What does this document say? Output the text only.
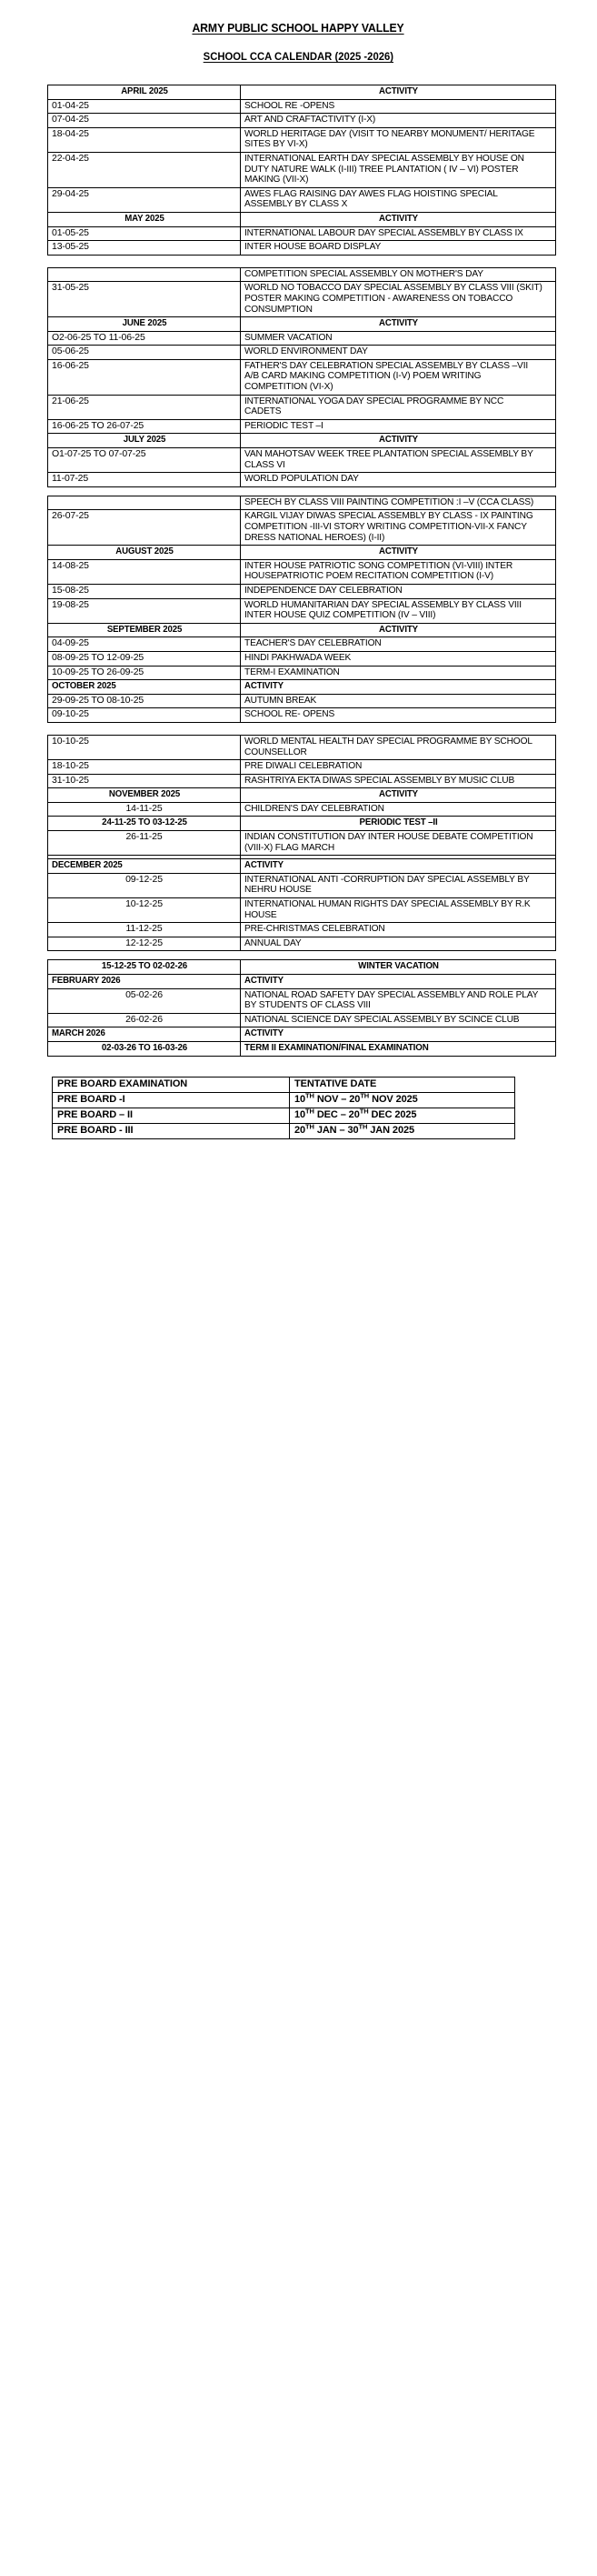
ARMY PUBLIC SCHOOL HAPPY VALLEY
SCHOOL CCA CALENDAR (2025 -2026)
APRIL 2025	ACTIVITY
01-04-25	SCHOOL RE -OPENS

07-04-25	ART AND CRAFTACTIVITY (I-X)

18-04-25	WORLD HERITAGE DAY (VISIT TO NEARBY MONUMENT/ HERITAGE SITES BY VI-X)

22-04-25	INTERNATIONAL EARTH DAY SPECIAL ASSEMBLY BY HOUSE ON DUTY NATURE WALK (I-III) TREE PLANTATION ( IV – VI) POSTER MAKING (VII-X)

29-04-25	AWES FLAG RAISING DAY AWES FLAG HOISTING SPECIAL ASSEMBLY BY CLASS X

MAY 2025	ACTIVITY
01-05-25	INTERNATIONAL LABOUR DAY SPECIAL ASSEMBLY BY CLASS IX

13-05-25	INTER HOUSE BOARD DISPLAY

	COMPETITION SPECIAL ASSEMBLY ON MOTHER'S DAY

31-05-25	WORLD NO TOBACCO DAY SPECIAL ASSEMBLY BY CLASS VIII (SKIT) POSTER MAKING COMPETITION - AWARENESS ON TOBACCO CONSUMPTION

JUNE 2025	ACTIVITY
O2-06-25 TO 11-06-25	SUMMER VACATION

05-06-25	WORLD ENVIRONMENT DAY

16-06-25	FATHER'S DAY CELEBRATION SPECIAL ASSEMBLY BY CLASS –VII A/B CARD MAKING COMPETITION (I-V) POEM WRITING COMPETITION (VI-X)

21-06-25	INTERNATIONAL YOGA DAY SPECIAL PROGRAMME BY NCC CADETS

16-06-25 TO 26-07-25	PERIODIC TEST –I

JULY 2025	ACTIVITY
O1-07-25 TO 07-07-25	VAN MAHOTSAV WEEK TREE PLANTATION SPECIAL ASSEMBLY BY CLASS VI

11-07-25	WORLD POPULATION DAY

	SPEECH BY CLASS VIII PAINTING COMPETITION :I –V (CCA CLASS)

26-07-25	KARGIL VIJAY DIWAS SPECIAL ASSEMBLY BY CLASS - IX PAINTING COMPETITION -III-VI STORY WRITING COMPETITION-VII-X FANCY DRESS NATIONAL HEROES) (I-II)

AUGUST 2025	ACTIVITY
14-08-25	INTER HOUSE PATRIOTIC SONG COMPETITION (VI-VIII) INTER HOUSEPATRIOTIC POEM RECITATION COMPETITION (I-V)

15-08-25	INDEPENDENCE DAY CELEBRATION

19-08-25	WORLD HUMANITARIAN DAY SPECIAL ASSEMBLY BY CLASS VIII INTER HOUSE QUIZ COMPETITION (IV – VIII)

SEPTEMBER 2025	ACTIVITY
04-09-25	TEACHER'S DAY CELEBRATION

08-09-25 TO 12-09-25	HINDI PAKHWADA WEEK

10-09-25 TO 26-09-25	TERM-I EXAMINATION

OCTOBER 2025	ACTIVITY

29-09-25 TO 08-10-25	AUTUMN BREAK

09-10-25	SCHOOL RE- OPENS
10-10-25	WORLD MENTAL HEALTH DAY SPECIAL PROGRAMME BY SCHOOL COUNSELLOR

18-10-25	PRE DIWALI CELEBRATION

31-10-25	RASHTRIYA EKTA DIWAS SPECIAL ASSEMBLY BY MUSIC CLUB

NOVEMBER 2025	ACTIVITY
14-11-25	CHILDREN'S DAY CELEBRATION

24-11-25 TO 03-12-25	PERIODIC TEST –II
26-11-25	INDIAN CONSTITUTION DAY INTER HOUSE DEBATE COMPETITION (VIII-X) FLAG MARCH

DECEMBER 2025	ACTIVITY

09-12-25	INTERNATIONAL ANTI -CORRUPTION DAY SPECIAL ASSEMBLY BY NEHRU HOUSE

10-12-25	INTERNATIONAL HUMAN RIGHTS DAY SPECIAL ASSEMBLY BY R.K HOUSE

11-12-25	PRE-CHRISTMAS CELEBRATION

12-12-25	ANNUAL DAY
15-12-25 TO 02-02-26	WINTER VACATION

FEBRUARY 2026	ACTIVITY

05-02-26	NATIONAL ROAD SAFETY DAY SPECIAL ASSEMBLY AND ROLE PLAY BY STUDENTS OF CLASS VIII

26-02-26	NATIONAL SCIENCE DAY SPECIAL ASSEMBLY BY SCINCE CLUB

MARCH 2026	ACTIVITY

02-03-26 TO 16-03-26	TERM II EXAMINATION/FINAL EXAMINATION
PRE BOARD EXAMINATION	TENTATIVE DATE
PRE BOARD -I	10TH NOV – 20TH NOV 2025
PRE BOARD – II	10TH DEC – 20TH DEC 2025
PRE BOARD - III	20TH JAN – 30TH JAN 2025
